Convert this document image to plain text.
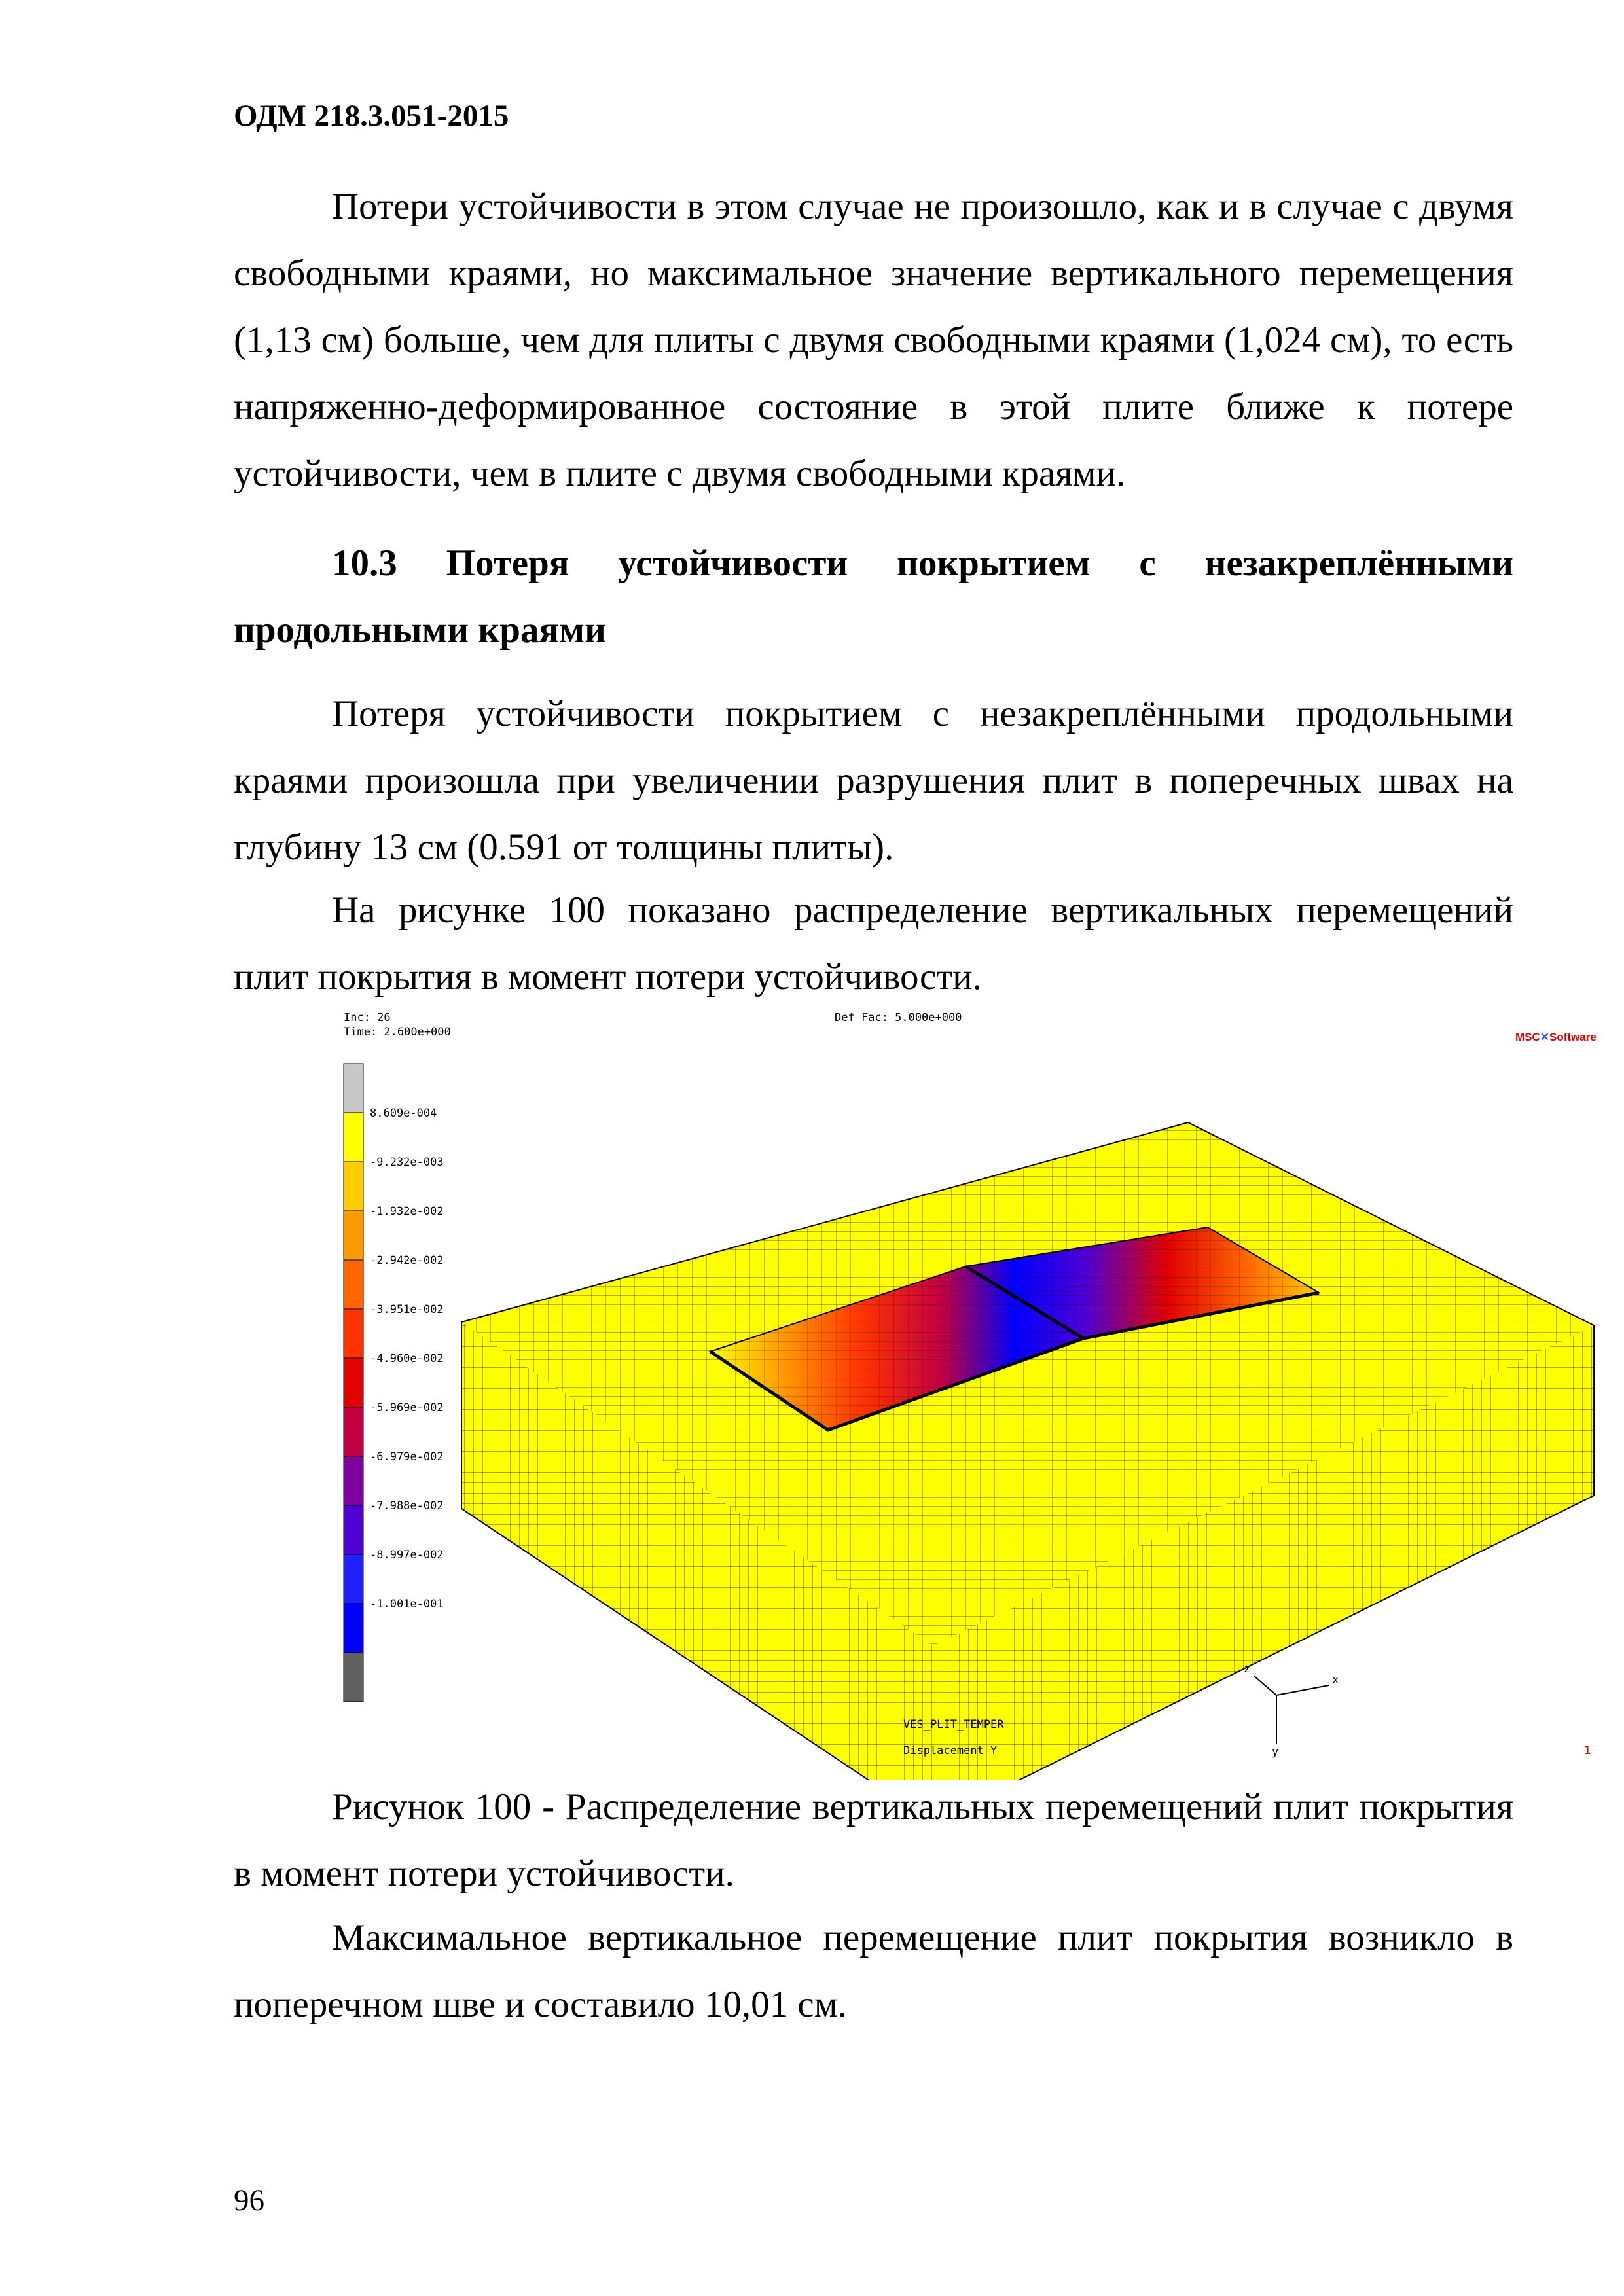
ОДМ 218.3.051-2015

Потери устойчивости в этом случае не произошло, как и в случае с двумя свободными краями, но максимальное значение вертикального перемещения (1,13 см) больше, чем для плиты с двумя свободными краями (1,024 см), то есть напряженно-деформированное состояние в этой плите ближе к потере устойчивости, чем в плите с двумя свободными краями.

10.3 Потеря устойчивости покрытием с незакреплёнными продольными краями

Потеря устойчивости покрытием с незакреплёнными продольными краями произошла при увеличении разрушения плит в поперечных швах на глубину 13 см (0.591 от толщины плиты).

На рисунке 100 показано распределение вертикальных перемещений плит покрытия в момент потери устойчивости.

Inc: 26
Time: 2.600e+000
Def Fac: 5.000e+000
MSC✕Software
x
z
y
8.609e-004
-9.232e-003
-1.932e-002
-2.942e-002
-3.951e-002
-4.960e-002
-5.969e-002
-6.979e-002
-7.988e-002
-8.997e-002
-1.001e-001
VES_PLIT_TEMPER
Displacement Y	1

Рисунок 100 - Распределение вертикальных перемещений плит покрытия в момент потери устойчивости.

Максимальное вертикальное перемещение плит покрытия возникло в поперечном шве и составило 10,01 см.

96
